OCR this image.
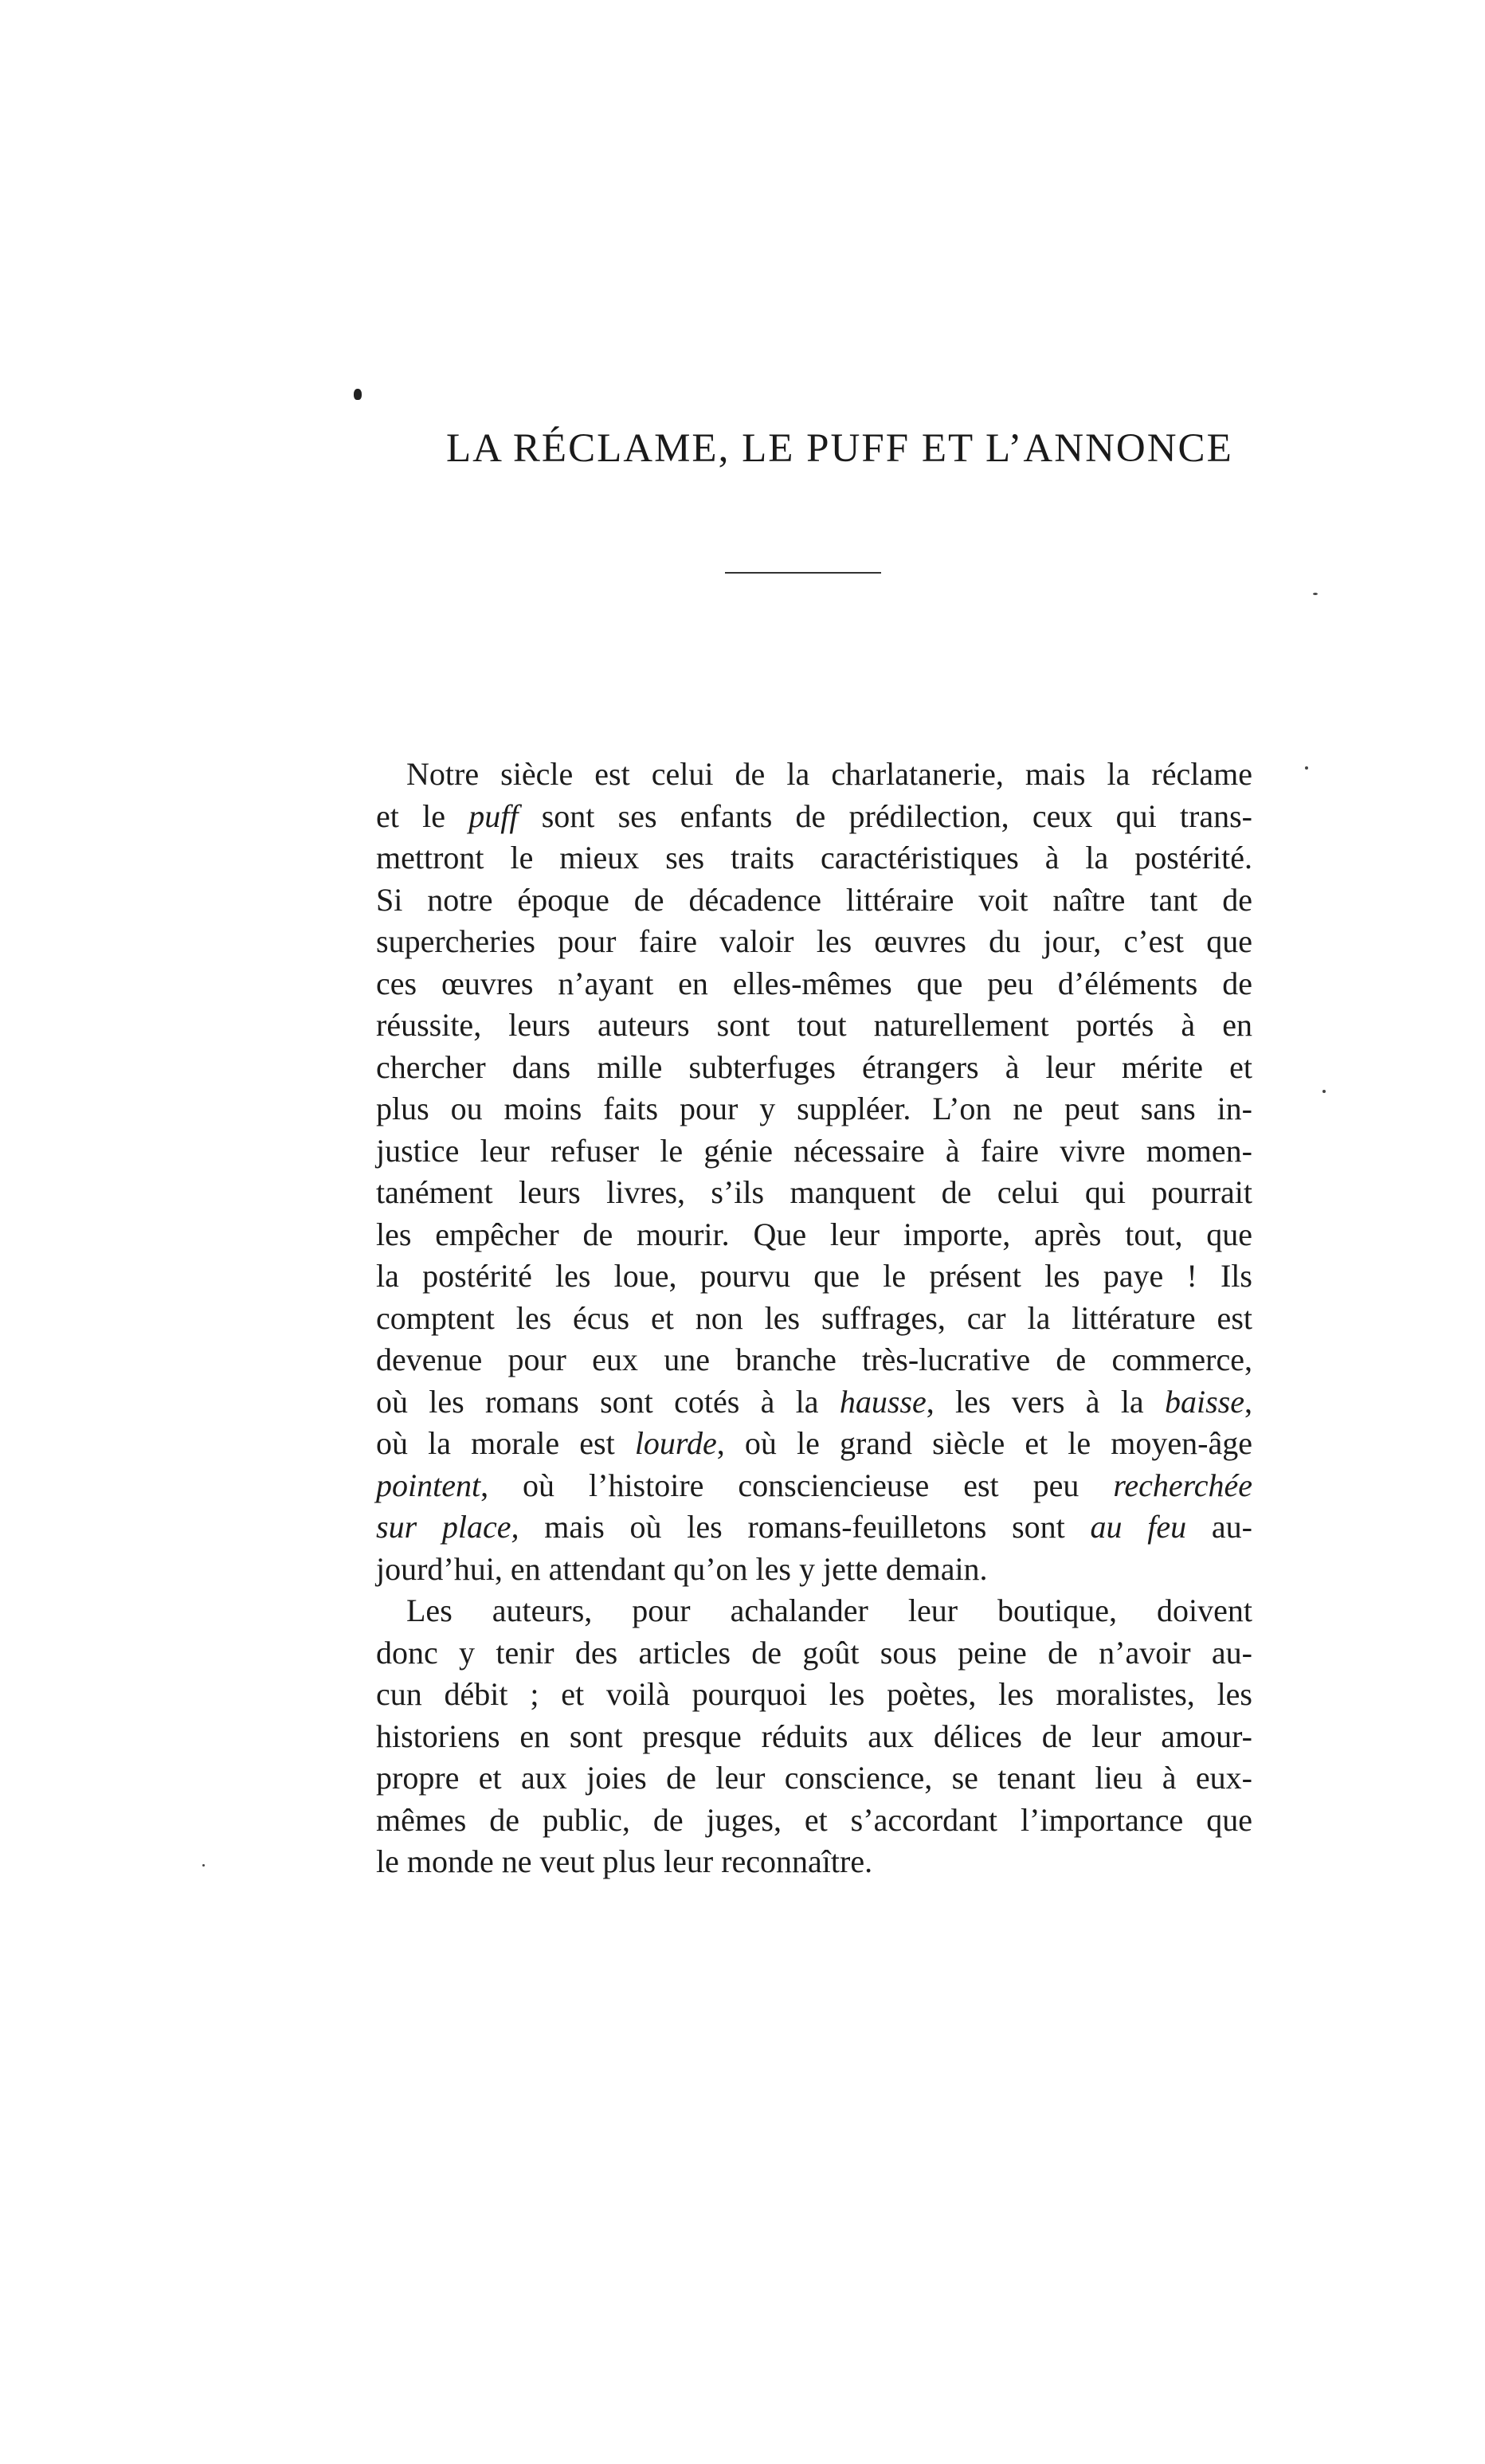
LA RÉCLAME, LE PUFF ET L’ANNONCE
Notre siècle est celui de la charlatanerie, mais la réclame
et le puff sont ses enfants de prédilection, ceux qui trans-
mettront le mieux ses traits caractéristiques à la postérité.
Si notre époque de décadence littéraire voit naître tant de
supercheries pour faire valoir les œuvres du jour, c’est que
ces œuvres n’ayant en elles-mêmes que peu d’éléments de
réussite, leurs auteurs sont tout naturellement portés à en
chercher dans mille subterfuges étrangers à leur mérite et
plus ou moins faits pour y suppléer. L’on ne peut sans in-
justice leur refuser le génie nécessaire à faire vivre momen-
tanément leurs livres, s’ils manquent de celui qui pourrait
les empêcher de mourir. Que leur importe, après tout, que
la postérité les loue, pourvu que le présent les paye ! Ils
comptent les écus et non les suffrages, car la littérature est
devenue pour eux une branche très-lucrative de commerce,
où les romans sont cotés à la hausse, les vers à la baisse,
où la morale est lourde, où le grand siècle et le moyen-âge
pointent, où l’histoire consciencieuse est peu recherchée
sur place, mais où les romans-feuilletons sont au feu au-
jourd’hui, en attendant qu’on les y jette demain.
Les auteurs, pour achalander leur boutique, doivent
donc y tenir des articles de goût sous peine de n’avoir au-
cun débit ; et voilà pourquoi les poètes, les moralistes, les
historiens en sont presque réduits aux délices de leur amour-
propre et aux joies de leur conscience, se tenant lieu à eux-
mêmes de public, de juges, et s’accordant l’importance que
le monde ne veut plus leur reconnaître.
